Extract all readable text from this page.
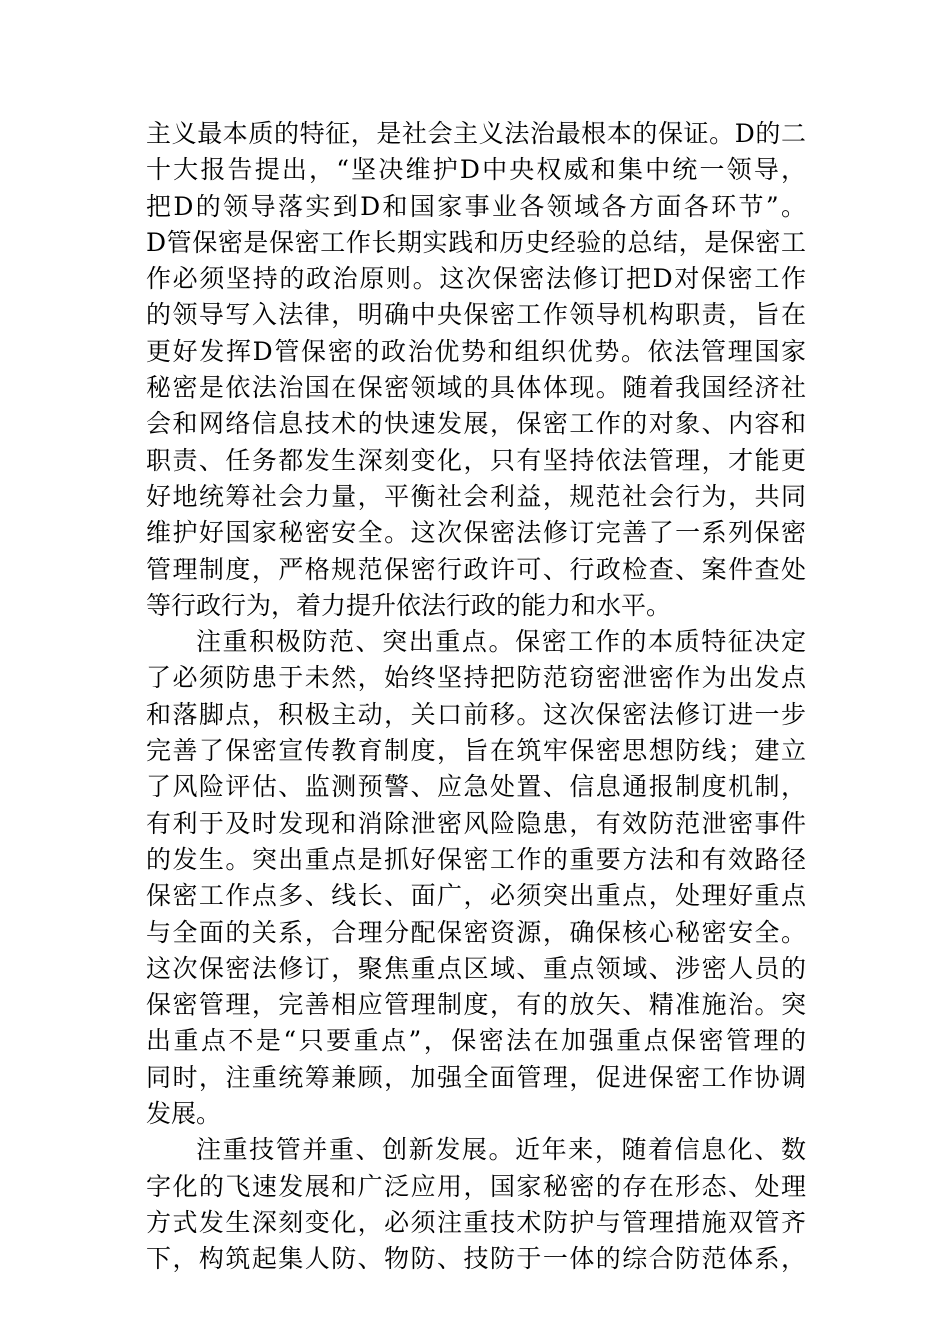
主义最本质的特征，是社会主义法治最根本的保证。D的二
十大报告提出，“坚决维护D中央权威和集中统一领导，
把D的领导落实到D和国家事业各领域各方面各环节”。
D管保密是保密工作长期实践和历史经验的总结，是保密工
作必须坚持的政治原则。这次保密法修订把D对保密工作
的领导写入法律，明确中央保密工作领导机构职责，旨在
更好发挥D管保密的政治优势和组织优势。依法管理国家
秘密是依法治国在保密领域的具体体现。随着我国经济社
会和网络信息技术的快速发展，保密工作的对象、内容和
职责、任务都发生深刻变化，只有坚持依法管理，才能更
好地统筹社会力量，平衡社会利益，规范社会行为，共同
维护好国家秘密安全。这次保密法修订完善了一系列保密
管理制度，严格规范保密行政许可、行政检查、案件查处
等行政行为，着力提升依法行政的能力和水平。
注重积极防范、突出重点。保密工作的本质特征决定
了必须防患于未然，始终坚持把防范窃密泄密作为出发点
和落脚点，积极主动，关口前移。这次保密法修订进一步
完善了保密宣传教育制度，旨在筑牢保密思想防线；建立
了风险评估、监测预警、应急处置、信息通报制度机制，
有利于及时发现和消除泄密风险隐患，有效防范泄密事件
的发生。突出重点是抓好保密工作的重要方法和有效路径
保密工作点多、线长、面广，必须突出重点，处理好重点
与全面的关系，合理分配保密资源，确保核心秘密安全。
这次保密法修订，聚焦重点区域、重点领域、涉密人员的
保密管理，完善相应管理制度，有的放矢、精准施治。突
出重点不是“只要重点”，保密法在加强重点保密管理的
同时，注重统筹兼顾，加强全面管理，促进保密工作协调
发展。
注重技管并重、创新发展。近年来，随着信息化、数
字化的飞速发展和广泛应用，国家秘密的存在形态、处理
方式发生深刻变化，必须注重技术防护与管理措施双管齐
下，构筑起集人防、物防、技防于一体的综合防范体系，
